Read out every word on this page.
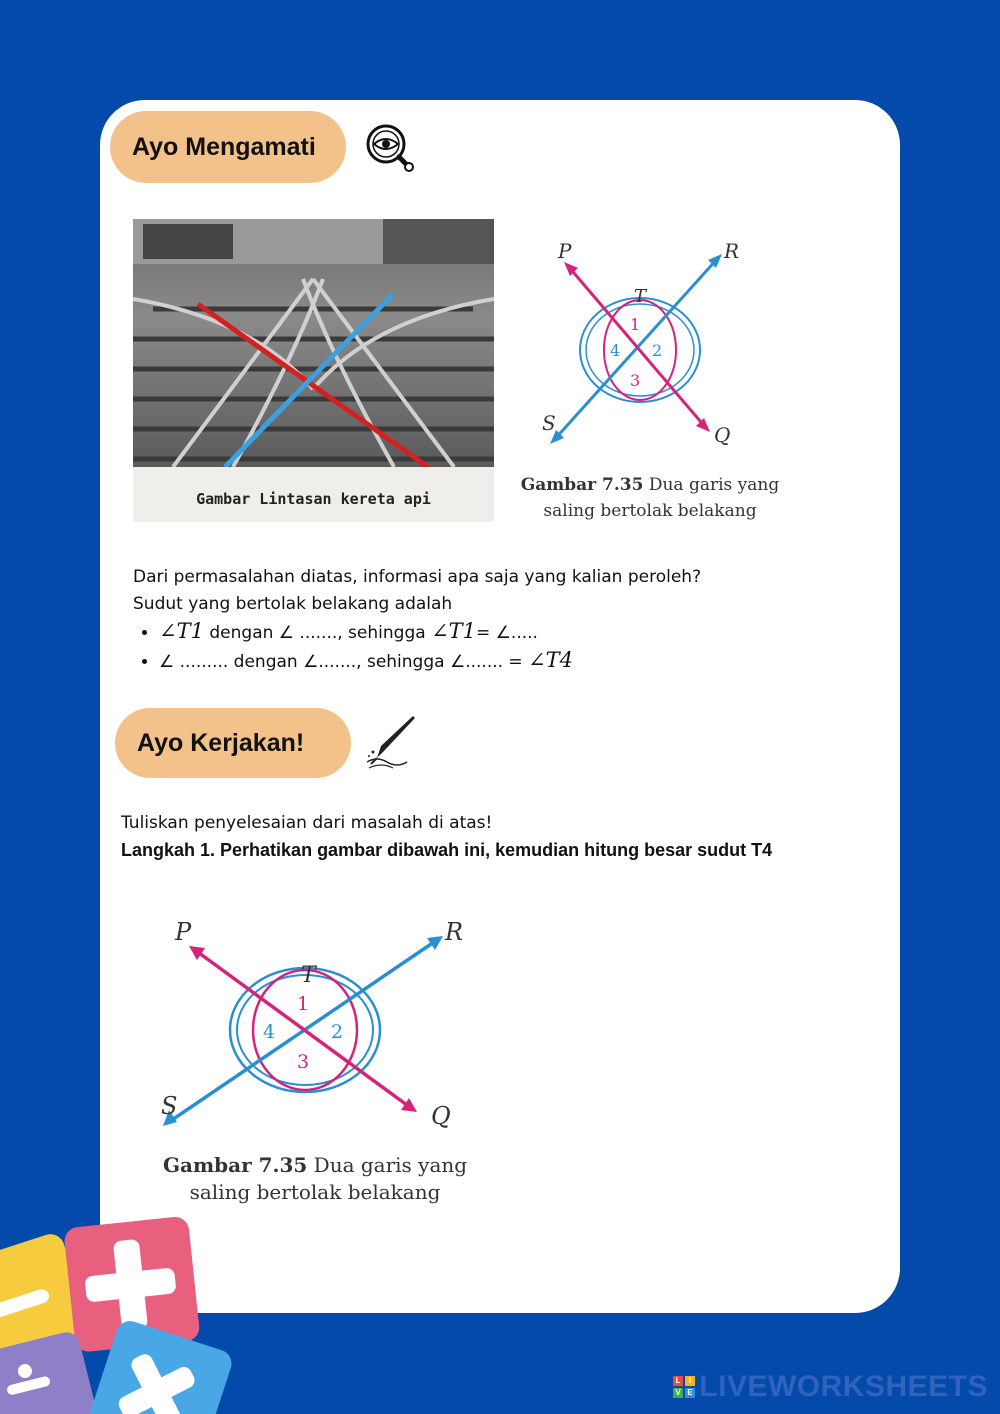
Ayo Mengamati
Gambar Lintasan kereta api
P	R
S	Q
T
1
2
3
4
Gambar 7.35 Dua garis yang
saling bertolak belakang
Dari permasalahan diatas, informasi apa saja yang kalian peroleh?
Sudut yang bertolak belakang adalah
• ∠T1 dengan ∠ ......., sehingga ∠T1= ∠.....
• ∠ ......... dengan ∠......., sehingga ∠....... = ∠T4
Ayo Kerjakan!
Tuliskan penyelesaian dari masalah di atas!
Langkah 1. Perhatikan gambar dibawah ini, kemudian hitung besar sudut T4
P	R
S	Q
T
1
2
3
4
Gambar 7.35 Dua garis yang
saling bertolak belakang
L I
V E LIVEWORKSHEETS
